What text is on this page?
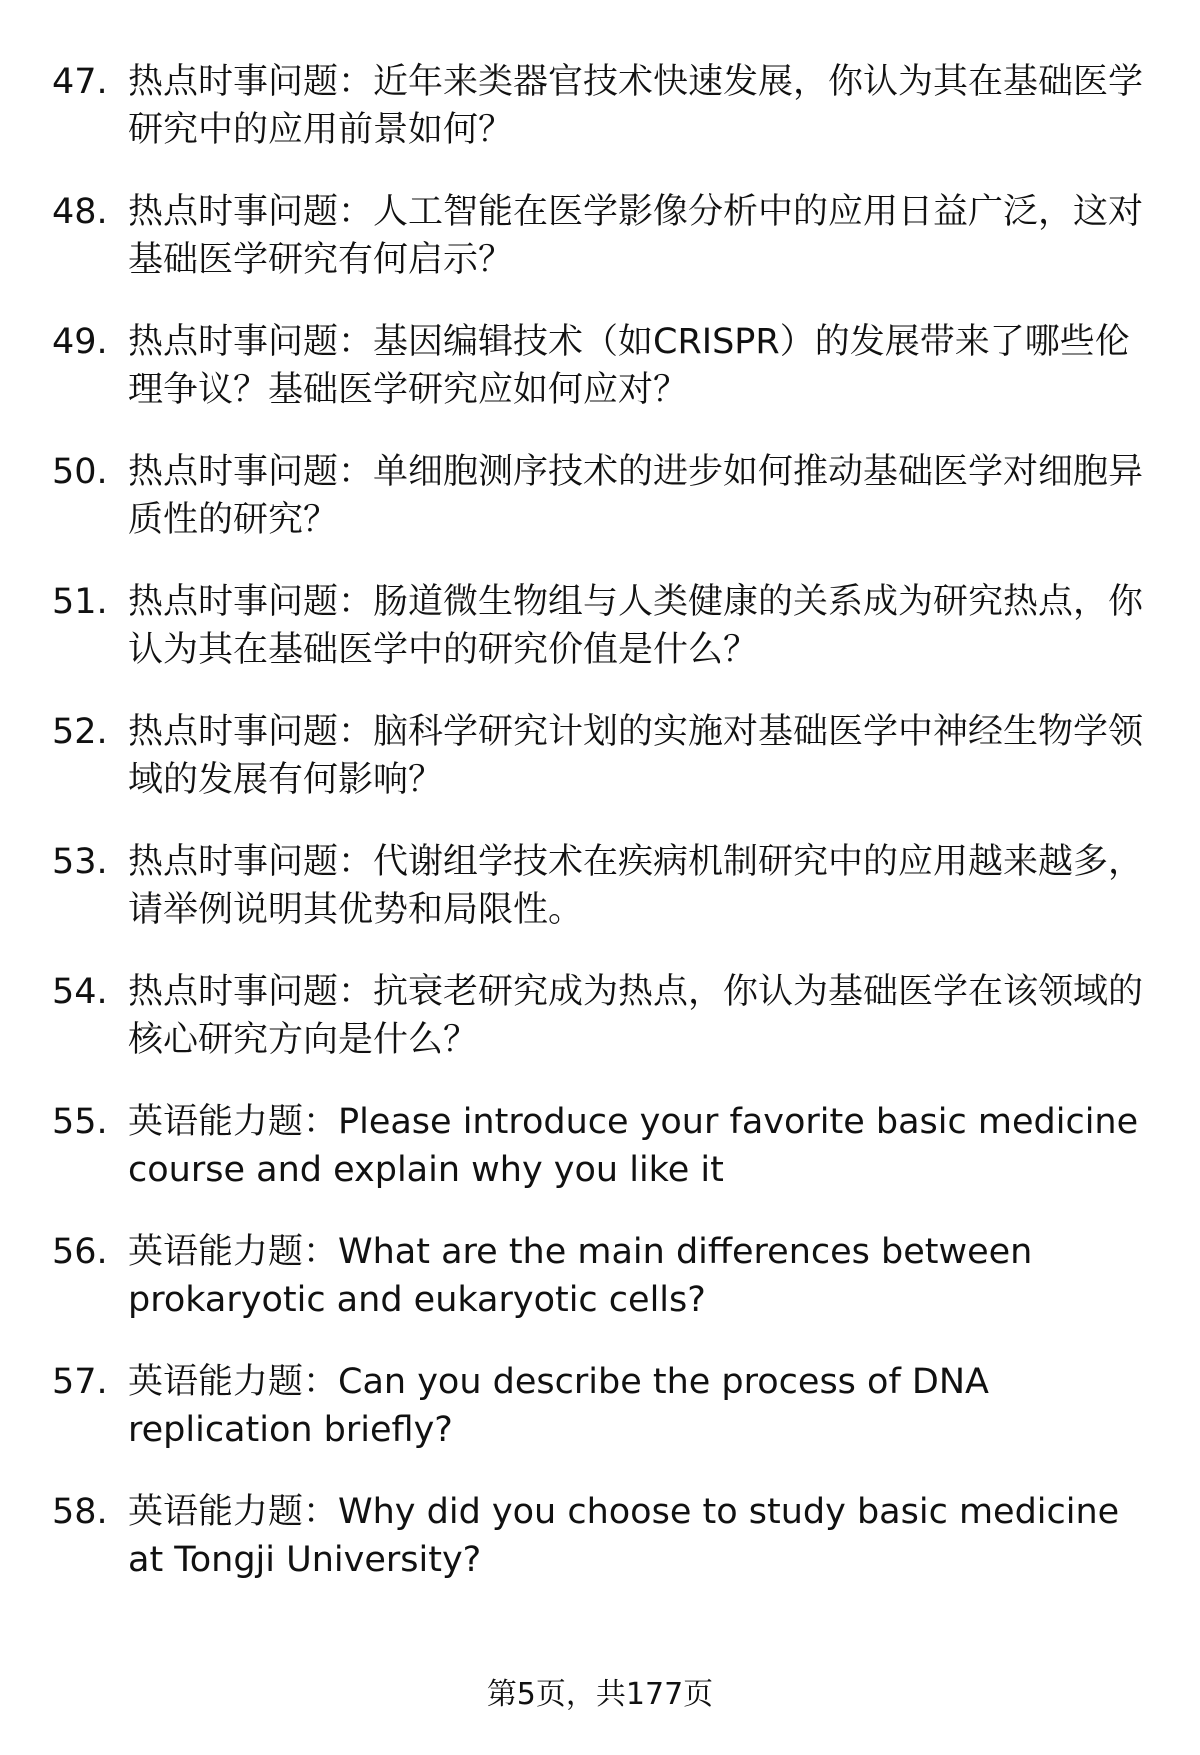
47. 热点时事问题：近年来类器官技术快速发展，你认为其在基础医学研究中的应用前景如何？
48. 热点时事问题：人工智能在医学影像分析中的应用日益广泛，这对基础医学研究有何启示？
49. 热点时事问题：基因编辑技术（如CRISPR）的发展带来了哪些伦理争议？基础医学研究应如何应对？
50. 热点时事问题：单细胞测序技术的进步如何推动基础医学对细胞异质性的研究？
51. 热点时事问题：肠道微生物组与人类健康的关系成为研究热点，你认为其在基础医学中的研究价值是什么？
52. 热点时事问题：脑科学研究计划的实施对基础医学中神经生物学领域的发展有何影响？
53. 热点时事问题：代谢组学技术在疾病机制研究中的应用越来越多，请举例说明其优势和局限性。
54. 热点时事问题：抗衰老研究成为热点，你认为基础医学在该领域的核心研究方向是什么？
55. 英语能力题：Please introduce your favorite basic medicine course and explain why you like it
56. 英语能力题：What are the main differences between prokaryotic and eukaryotic cells?
57. 英语能力题：Can you describe the process of DNA replication briefly?
58. 英语能力题：Why did you choose to study basic medicine at Tongji University?
第5页，共177页
